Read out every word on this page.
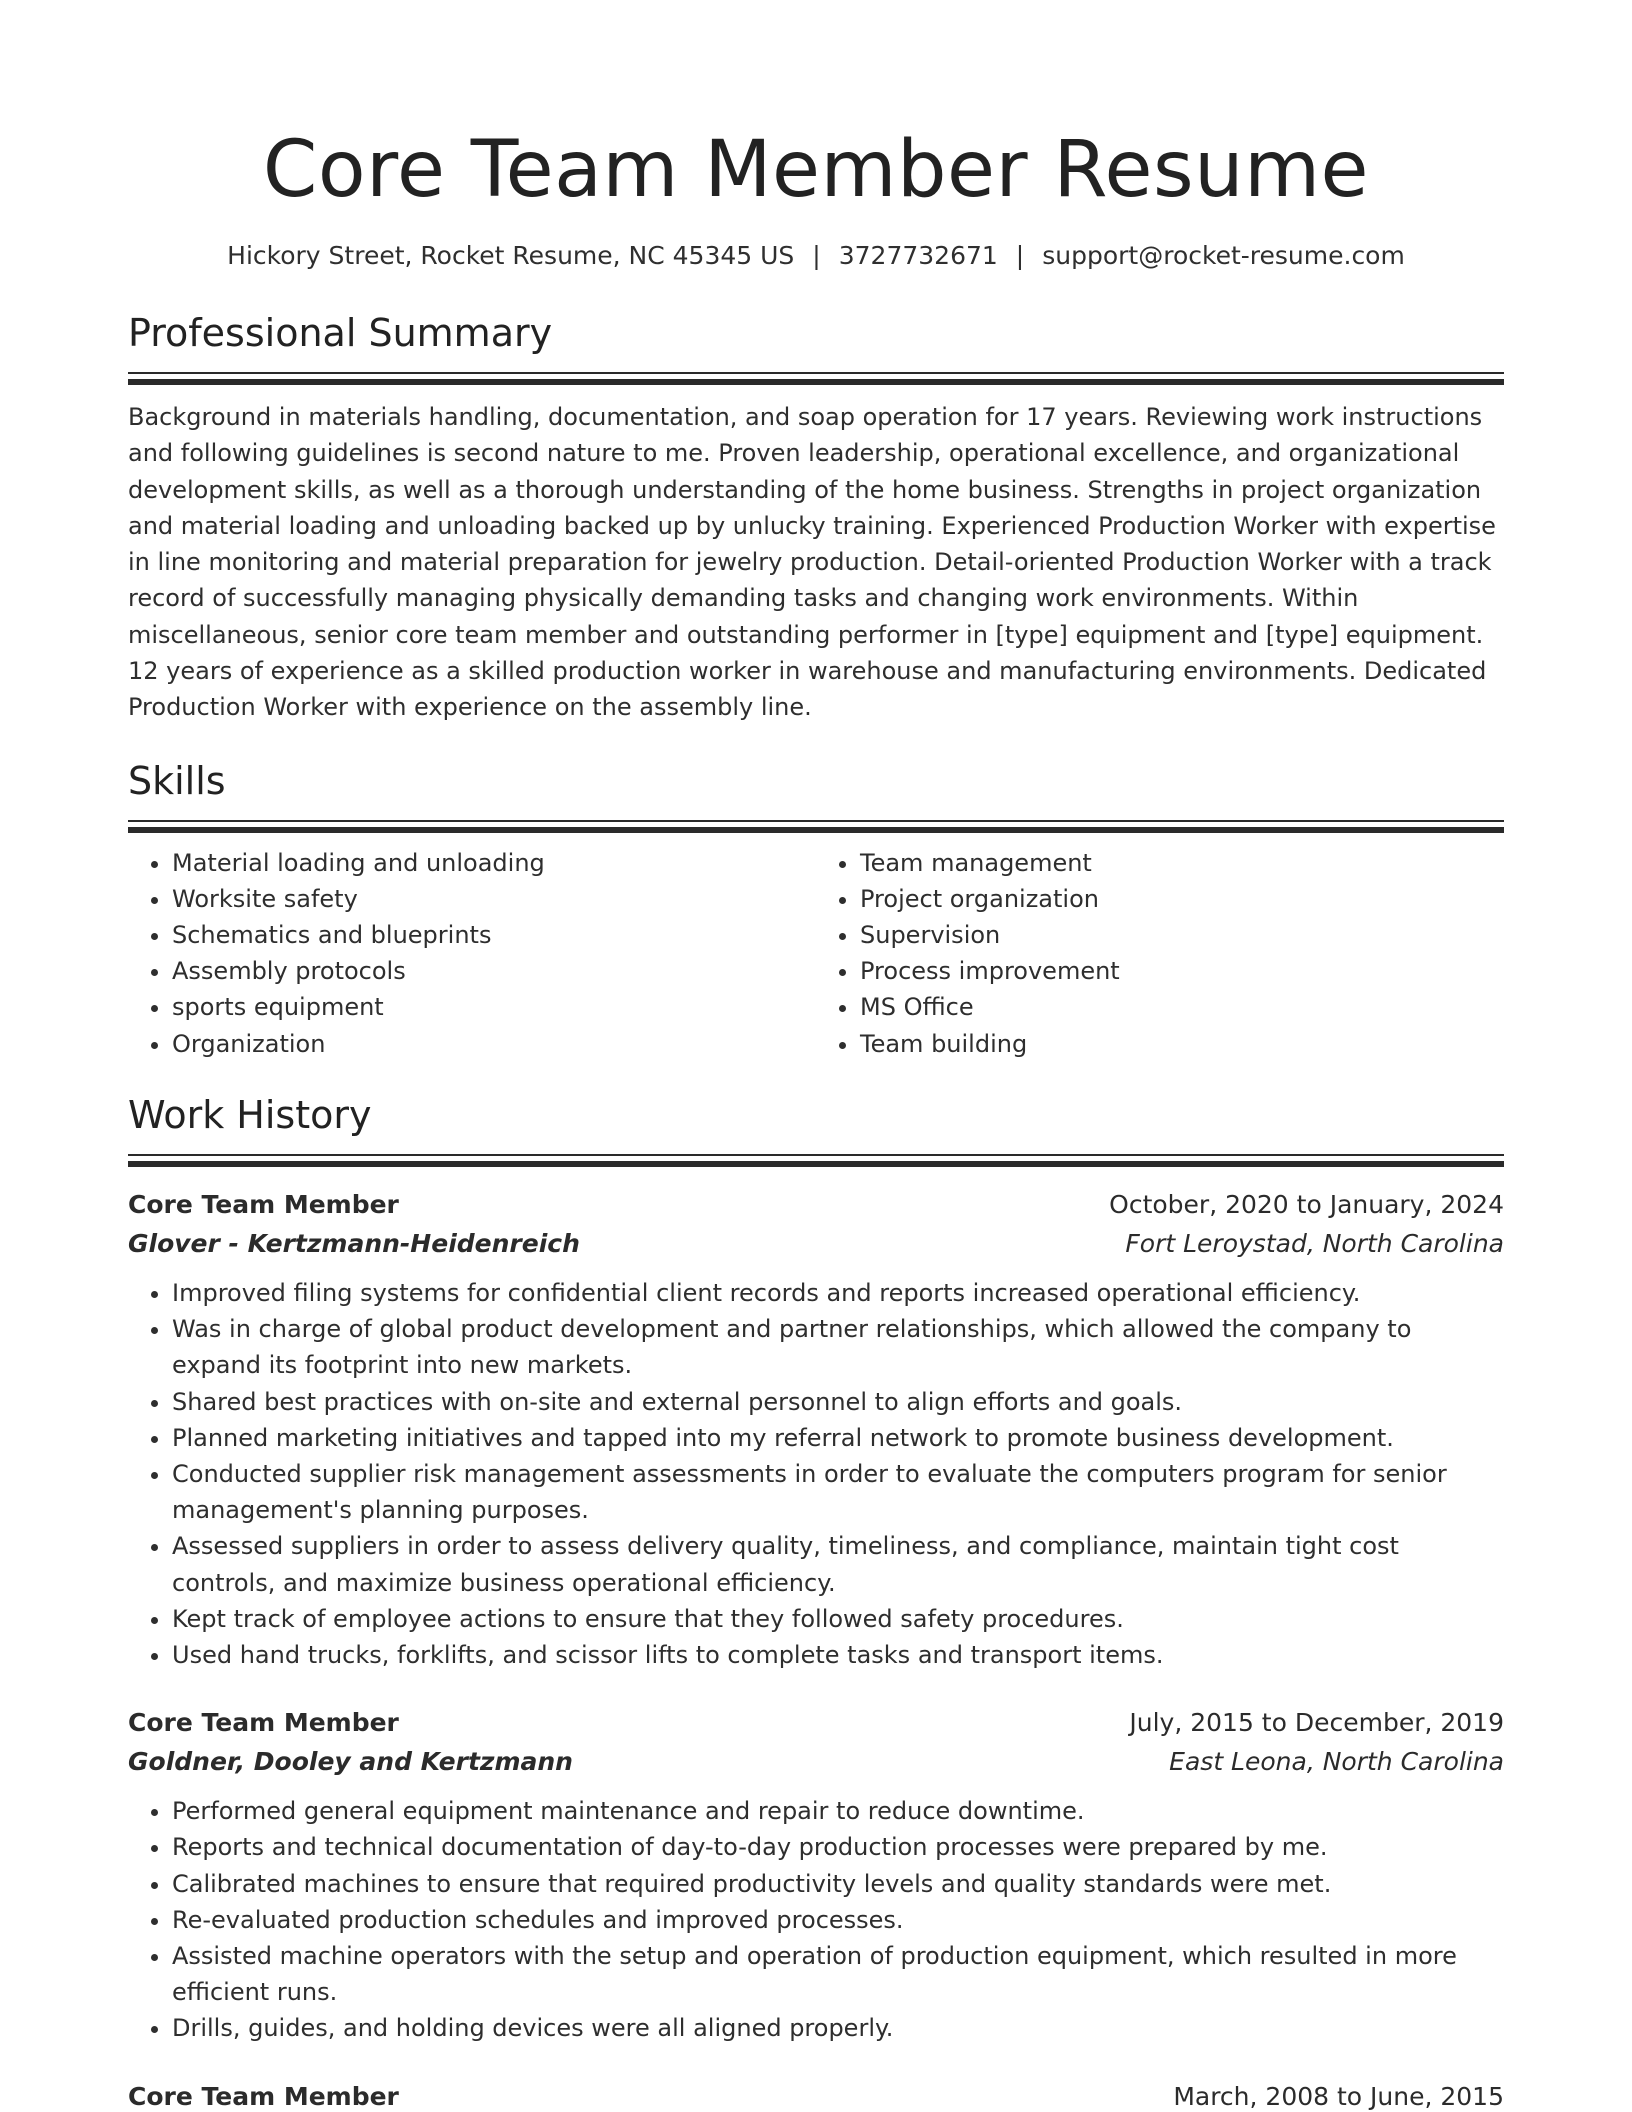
Core Team Member Resume
Hickory Street, Rocket Resume, NC 45345 US | 3727732671 | support@rocket-resume.com
Professional Summary

Background in materials handling, documentation, and soap operation for 17 years. Reviewing work instructions and following guidelines is second nature to me. Proven leadership, operational excellence, and organizational development skills, as well as a thorough understanding of the home business. Strengths in project organization and material loading and unloading backed up by unlucky training. Experienced Production Worker with expertise in line monitoring and material preparation for jewelry production. Detail-oriented Production Worker with a track record of successfully managing physically demanding tasks and changing work environments. Within miscellaneous, senior core team member and outstanding performer in [type] equipment and [type] equipment. 12 years of experience as a skilled production worker in warehouse and manufacturing environments. Dedicated Production Worker with experience on the assembly line.

Skills
• Material loading and unloading
• Worksite safety
• Schematics and blueprints
• Assembly protocols
• sports equipment
• Organization
• Team management
• Project organization
• Supervision
• Process improvement
• MS Office
• Team building
Work History
Core Team Member	October, 2020 to January, 2024
Glover - Kertzmann-Heidenreich	Fort Leroystad, North Carolina
• Improved filing systems for confidential client records and reports increased operational efficiency.
• Was in charge of global product development and partner relationships, which allowed the company to expand its footprint into new markets.
• Shared best practices with on-site and external personnel to align efforts and goals.
• Planned marketing initiatives and tapped into my referral network to promote business development.
• Conducted supplier risk management assessments in order to evaluate the computers program for senior management's planning purposes.
• Assessed suppliers in order to assess delivery quality, timeliness, and compliance, maintain tight cost controls, and maximize business operational efficiency.
• Kept track of employee actions to ensure that they followed safety procedures.
• Used hand trucks, forklifts, and scissor lifts to complete tasks and transport items.
Core Team Member	July, 2015 to December, 2019
Goldner, Dooley and Kertzmann	East Leona, North Carolina
• Performed general equipment maintenance and repair to reduce downtime.
• Reports and technical documentation of day-to-day production processes were prepared by me.
• Calibrated machines to ensure that required productivity levels and quality standards were met.
• Re-evaluated production schedules and improved processes.
• Assisted machine operators with the setup and operation of production equipment, which resulted in more efficient runs.
• Drills, guides, and holding devices were all aligned properly.
Core Team Member	March, 2008 to June, 2015
